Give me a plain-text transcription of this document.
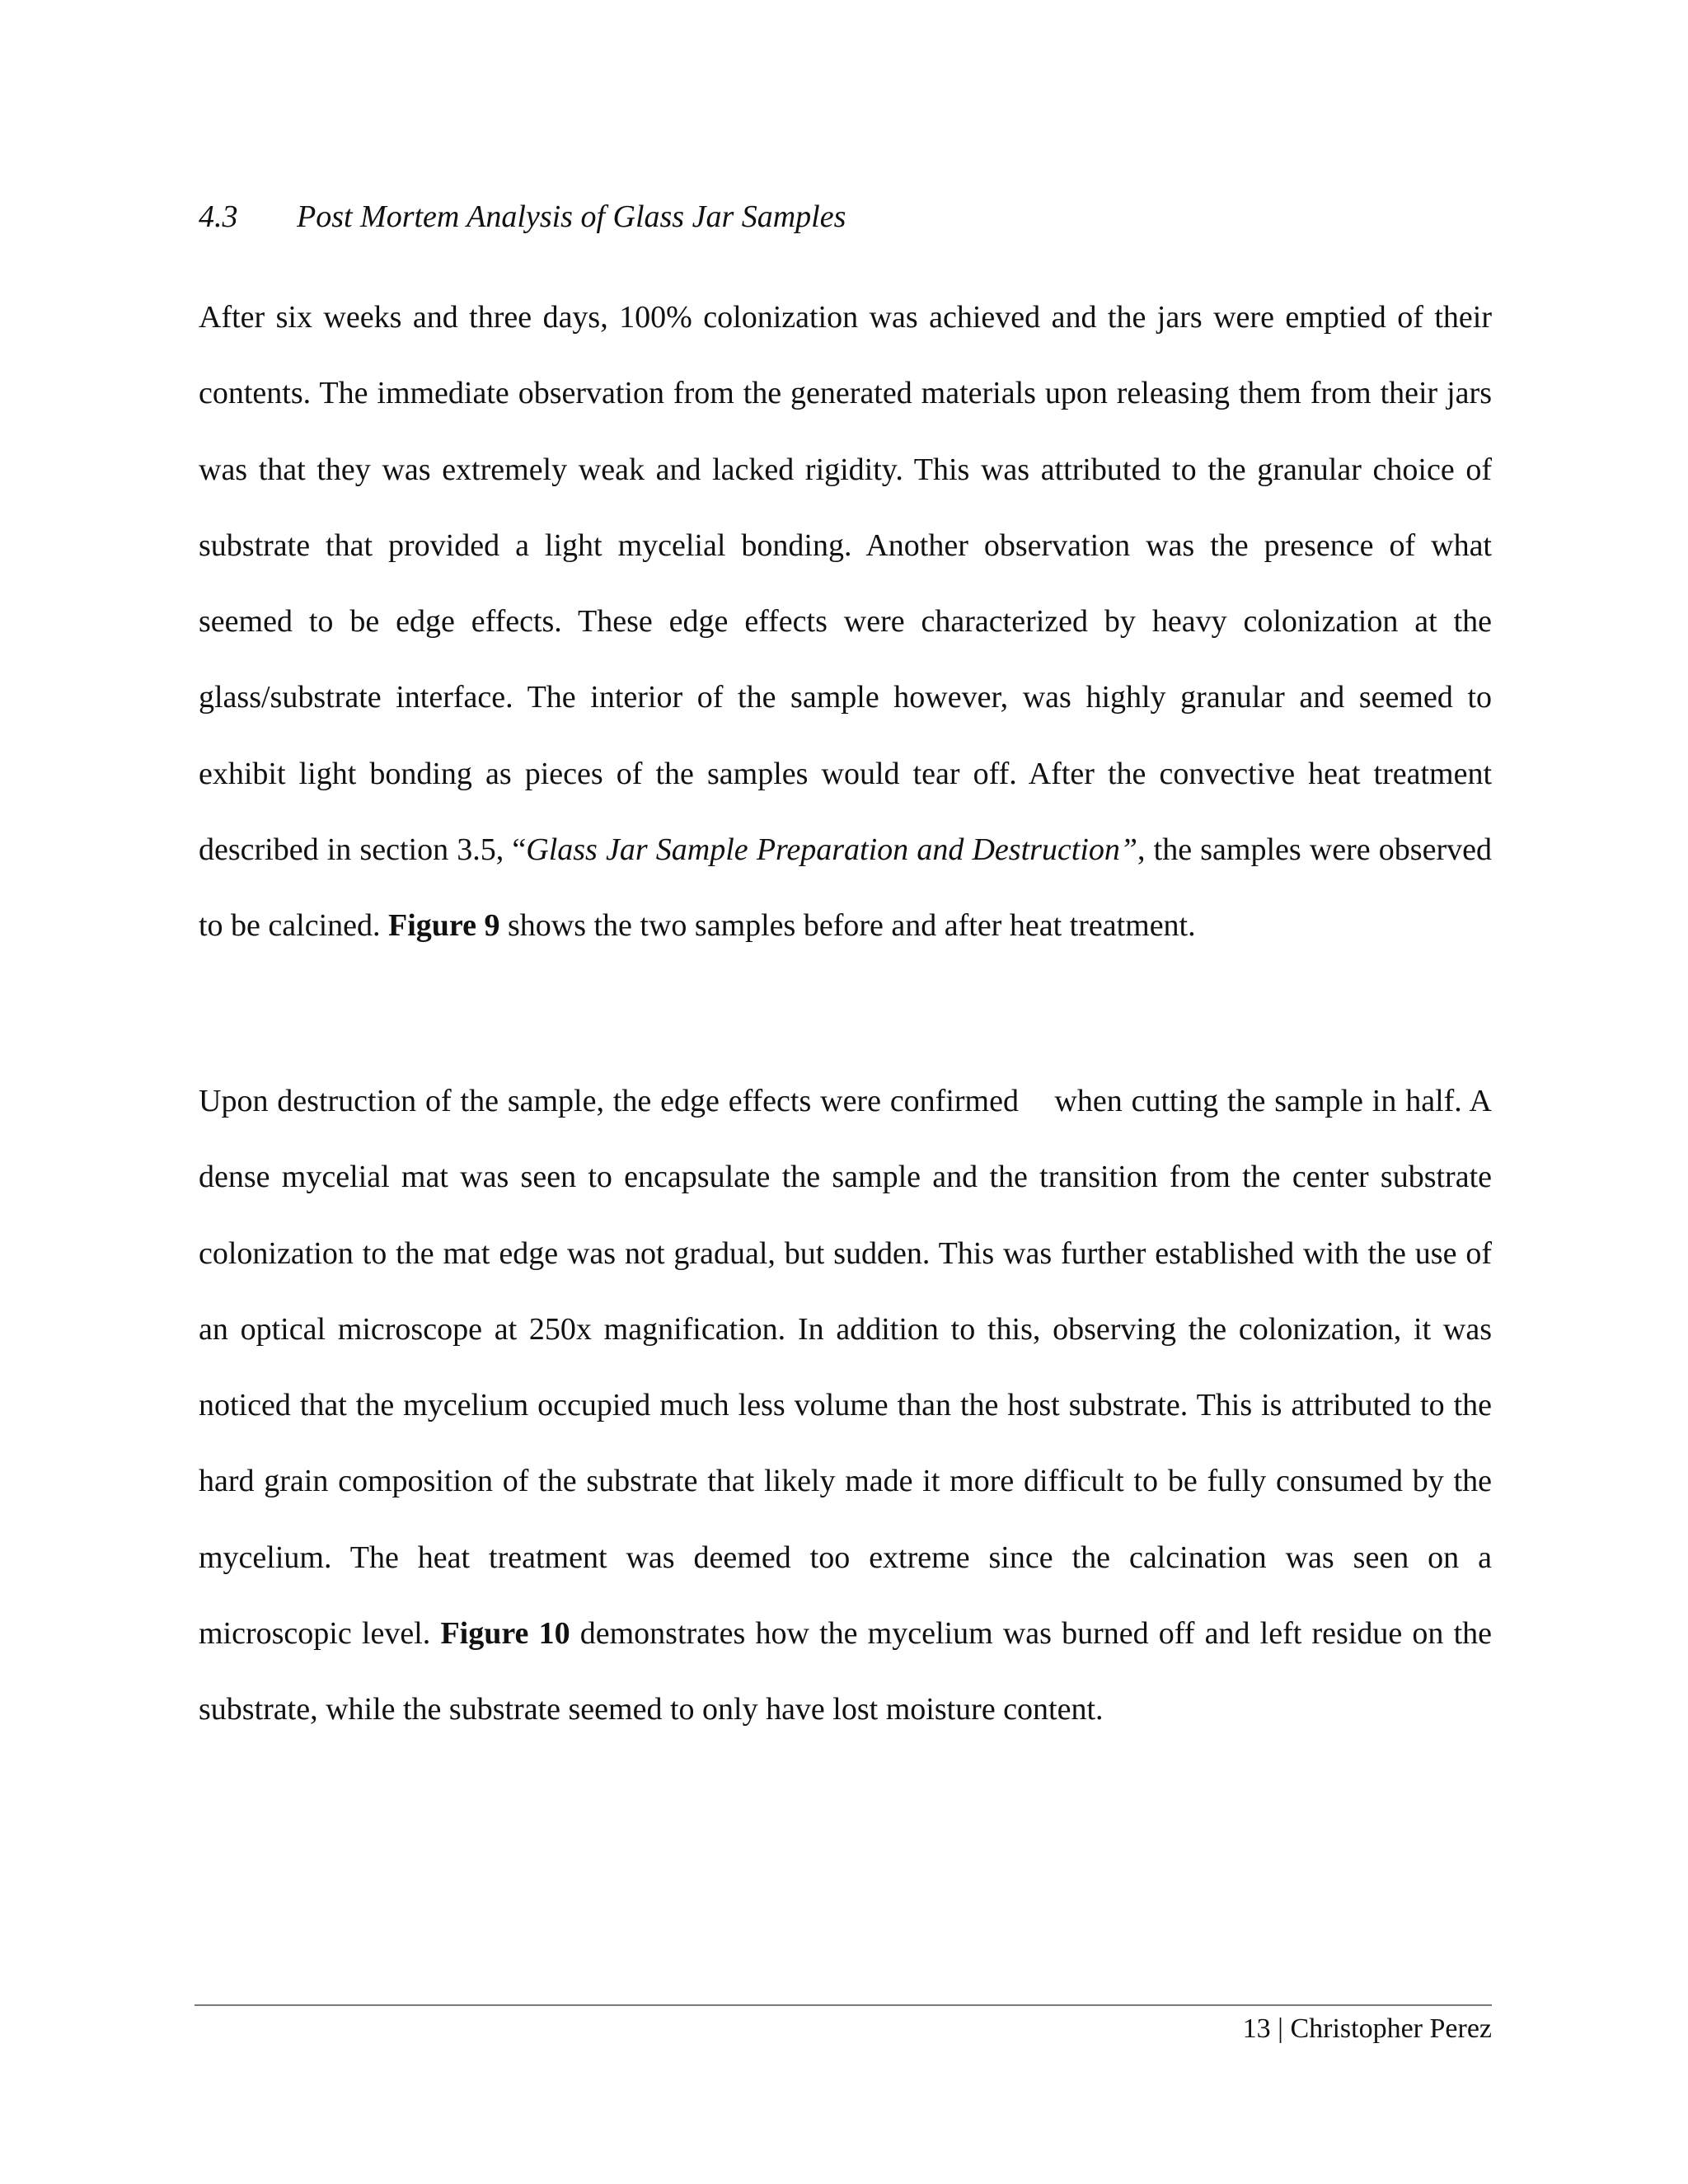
4.3 Post Mortem Analysis of Glass Jar Samples

After six weeks and three days, 100% colonization was achieved and the jars were emptied of their contents. The immediate observation from the generated materials upon releasing them from their jars was that they was extremely weak and lacked rigidity. This was attributed to the granular choice of substrate that provided a light mycelial bonding. Another observation was the presence of what seemed to be edge effects. These edge effects were characterized by heavy colonization at the glass/substrate interface. The interior of the sample however, was highly granular and seemed to exhibit light bonding as pieces of the samples would tear off. After the convective heat treatment described in section 3.5, “Glass Jar Sample Preparation and Destruction”, the samples were observed to be calcined. Figure 9 shows the two samples before and after heat treatment.

Upon destruction of the sample, the edge effects were confirmed    when cutting the sample in half. A dense mycelial mat was seen to encapsulate the sample and the transition from the center substrate colonization to the mat edge was not gradual, but sudden. This was further established with the use of an optical microscope at 250x magnification. In addition to this, observing the colonization, it was noticed that the mycelium occupied much less volume than the host substrate. This is attributed to the hard grain composition of the substrate that likely made it more difficult to be fully consumed by the mycelium. The heat treatment was deemed too extreme since the calcination was seen on a microscopic level. Figure 10 demonstrates how the mycelium was burned off and left residue on the substrate, while the substrate seemed to only have lost moisture content.

13 | Christopher Perez
